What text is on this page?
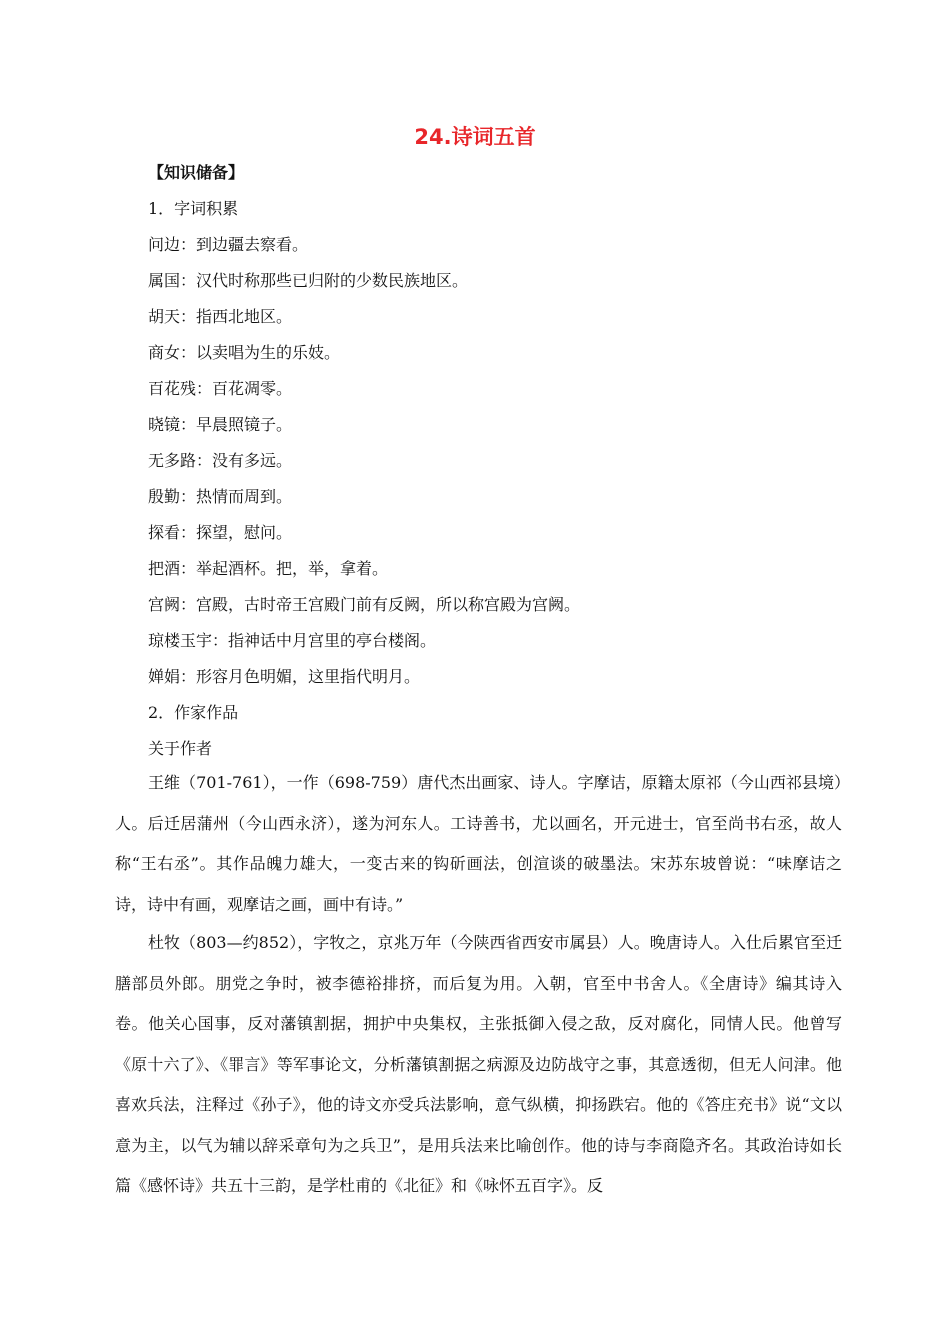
24.诗词五首
【知识储备】
1．字词积累
问边：到边疆去察看。
属国：汉代时称那些已归附的少数民族地区。
胡天：指西北地区。
商女：以卖唱为生的乐妓。
百花残：百花凋零。
晓镜：早晨照镜子。
无多路：没有多远。
殷勤：热情而周到。
探看：探望，慰问。
把酒：举起酒杯。把，举，拿着。
宫阙：宫殿，古时帝王宫殿门前有反阙，所以称宫殿为宫阙。
琼楼玉宇：指神话中月宫里的亭台楼阁。
婵娟：形容月色明媚，这里指代明月。
2．作家作品
关于作者

王维（701-761），一作（698-759）唐代杰出画家、诗人。字摩诘，原籍太原祁（今山西祁县境）人。后迁居蒲州（今山西永济），遂为河东人。工诗善书，尤以画名，开元进士，官至尚书右丞，故人称“王右丞”。其作品魄力雄大，一变古来的钩斫画法，创渲谈的破墨法。宋苏东坡曾说：“味摩诘之诗，诗中有画，观摩诘之画，画中有诗。”

杜牧（803—约852），字牧之，京兆万年（今陕西省西安市属县）人。晚唐诗人。入仕后累官至迁膳部员外郎。朋党之争时，被李德裕排挤，而后复为用。入朝，官至中书舍人。《全唐诗》编其诗入卷。他关心国事，反对藩镇割据，拥护中央集权，主张抵御入侵之敌，反对腐化，同情人民。他曾写《原十六了》、《罪言》等军事论文，分析藩镇割据之病源及边防战守之事，其意透彻，但无人问津。他喜欢兵法，注释过《孙子》，他的诗文亦受兵法影响，意气纵横，抑扬跌宕。他的《答庄充书》说“文以意为主，以气为辅以辞采章句为之兵卫”，是用兵法来比喻创作。他的诗与李商隐齐名。其政治诗如长篇《感怀诗》共五十三韵，是学杜甫的《北征》和《咏怀五百字》。反
